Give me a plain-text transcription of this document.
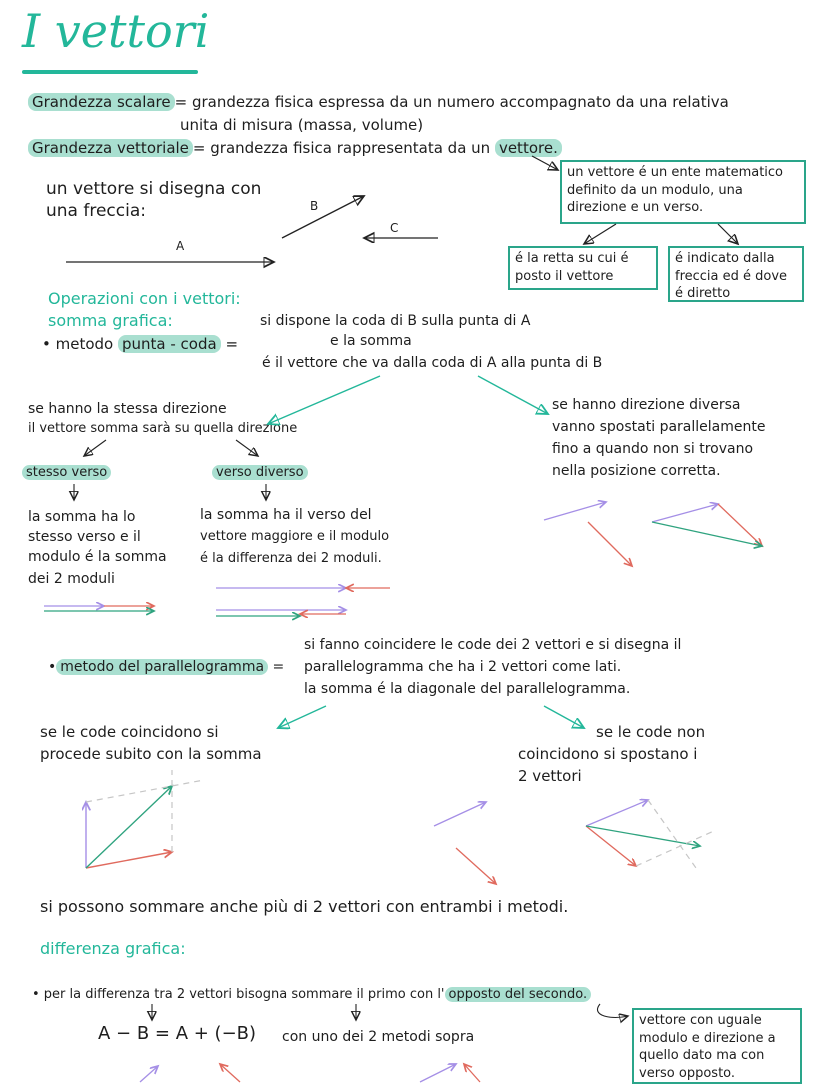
I vettori
Grandezza scalare = grandezza fisica espressa da un numero accompagnato da una relativa
unita di misura (massa, volume)
Grandezza vettoriale = grandezza fisica rappresentata da un vettore.
un vettore é un ente matematico definito da un modulo, una direzione e un verso.
é la retta su cui é posto il vettore
é indicato dalla freccia ed é dove é diretto
un vettore si disegna con
una freccia:
A
B
C
Operazioni con i vettori:
somma grafica:
• metodo punta - coda =
si dispone la coda di B sulla punta di A
e la somma
é il vettore che va dalla coda di A alla punta di B
se hanno la stessa direzione
il vettore somma sarà su quella direzione
se hanno direzione diversa
vanno spostati parallelamente
fino a quando non si trovano
nella posizione corretta.
stesso verso	verso diverso
la somma ha lo
stesso verso e il
modulo é la somma
dei 2 moduli
la somma ha il verso del
vettore maggiore e il modulo
é la differenza dei 2 moduli.
• metodo del parallelogramma =
si fanno coincidere le code dei 2 vettori e si disegna il
parallelogramma che ha i 2 vettori come lati.
la somma é la diagonale del parallelogramma.
se le code coincidono si
procede subito con la somma
se le code non
coincidono si spostano i
2 vettori
si possono sommare anche più di 2 vettori con entrambi i metodi.
differenza grafica:
• per la differenza tra 2 vettori bisogna sommare il primo con l' opposto del secondo.
A − B = A + (−B) con uno dei 2 metodi sopra
vettore con uguale modulo e direzione a quello dato ma con verso opposto.
